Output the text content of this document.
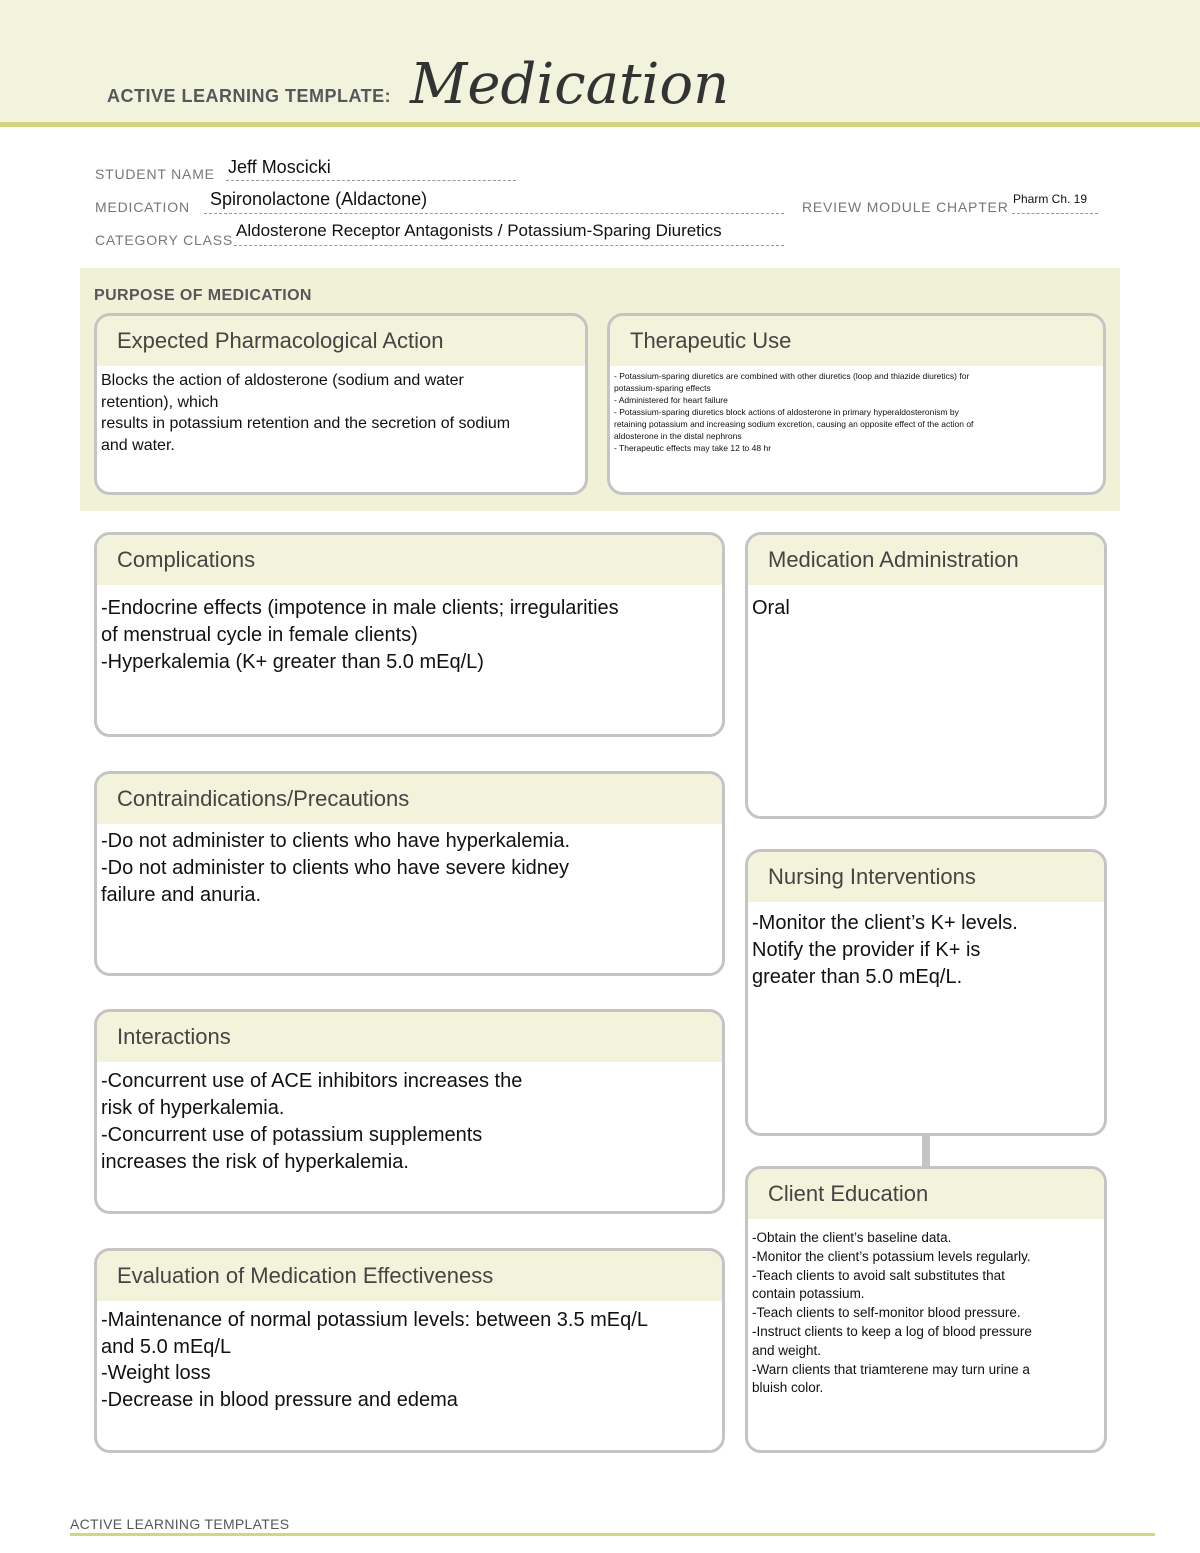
ACTIVE LEARNING TEMPLATE: Medication
STUDENT NAME Jeff Moscicki
MEDICATION Spironolactone (Aldactone)	REVIEW MODULE CHAPTER Pharm Ch. 19
CATEGORY CLASS Aldosterone Receptor Antagonists / Potassium-Sparing Diuretics
PURPOSE OF MEDICATION
Expected Pharmacological Action
Blocks the action of aldosterone (sodium and water
retention), which
results in potassium retention and the secretion of sodium
and water.
Therapeutic Use
- Potassium-sparing diuretics are combined with other diuretics (loop and thiazide diuretics) for
potassium-sparing effects
- Administered for heart failure
- Potassium-sparing diuretics block actions of aldosterone in primary hyperaldosteronism by
retaining potassium and increasing sodium excretion, causing an opposite effect of the action of
aldosterone in the distal nephrons
- Therapeutic effects may take 12 to 48 hr
Complications
-Endocrine effects (impotence in male clients; irregularities
of menstrual cycle in female clients)
-Hyperkalemia (K+ greater than 5.0 mEq/L)
Medication Administration
Oral
Contraindications/Precautions
-Do not administer to clients who have hyperkalemia.
-Do not administer to clients who have severe kidney
failure and anuria.
Nursing Interventions
-Monitor the client’s K+ levels.
Notify the provider if K+ is
greater than 5.0 mEq/L.
Interactions
-Concurrent use of ACE inhibitors increases the
risk of hyperkalemia.
-Concurrent use of potassium supplements
increases the risk of hyperkalemia.
Client Education
-Obtain the client’s baseline data.
-Monitor the client’s potassium levels regularly.
-Teach clients to avoid salt substitutes that
contain potassium.
-Teach clients to self-monitor blood pressure.
-Instruct clients to keep a log of blood pressure
and weight.
-Warn clients that triamterene may turn urine a
bluish color.
Evaluation of Medication Effectiveness
-Maintenance of normal potassium levels: between 3.5 mEq/L
and 5.0 mEq/L
-Weight loss
-Decrease in blood pressure and edema
ACTIVE LEARNING TEMPLATES
